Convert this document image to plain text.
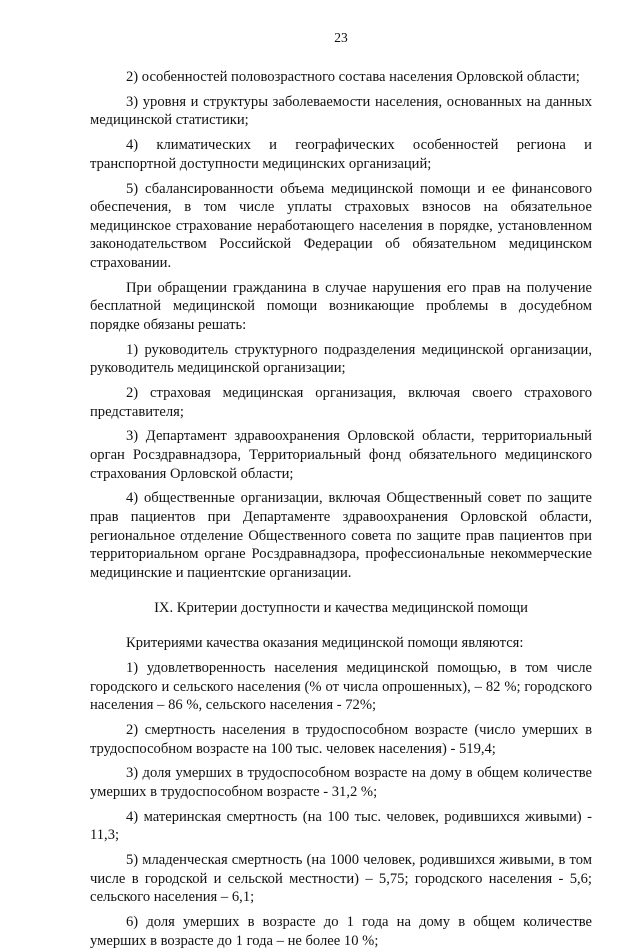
23

2) особенностей половозрастного состава населения Орловской области;

3) уровня и структуры заболеваемости населения, основанных на данных медицинской статистики;

4) климатических и географических особенностей региона и транспортной доступности медицинских организаций;

5) сбалансированности объема медицинской помощи и ее финансового обеспечения, в том числе уплаты страховых взносов на обязательное медицинское страхование неработающего населения в порядке, установленном законодательством Российской Федерации об обязательном медицинском страховании.

При обращении гражданина в случае нарушения его прав на получение бесплатной медицинской помощи возникающие проблемы в досудебном порядке обязаны решать:

1) руководитель структурного подразделения медицинской организации, руководитель медицинской организации;

2) страховая медицинская организация, включая своего страхового представителя;

3) Департамент здравоохранения Орловской области, территориальный орган Росздравнадзора, Территориальный фонд обязательного медицинского страхования Орловской области;

4) общественные организации, включая Общественный совет по защите прав пациентов при Департаменте здравоохранения Орловской области, региональное отделение Общественного совета по защите прав пациентов при территориальном органе Росздравнадзора, профессиональные некоммерческие медицинские и пациентские организации.

IX. Критерии доступности и качества медицинской помощи

Критериями качества оказания медицинской помощи являются:

1) удовлетворенность населения медицинской помощью, в том числе городского и сельского населения (% от числа опрошенных), – 82 %; городского населения – 86 %, сельского населения - 72%;

2) смертность населения в трудоспособном возрасте (число умерших в трудоспособном возрасте на 100 тыс. человек населения) - 519,4;

3) доля умерших в трудоспособном возрасте на дому в общем количестве умерших в трудоспособном возрасте - 31,2 %;

4) материнская смертность (на 100 тыс. человек, родившихся живыми) - 11,3;

5) младенческая смертность (на 1000 человек, родившихся живыми, в том числе в городской и сельской местности) – 5,75; городского населения - 5,6; сельского населения – 6,1;

6) доля умерших в возрасте до 1 года на дому в общем количестве умерших в возрасте до 1 года – не более 10 %;
